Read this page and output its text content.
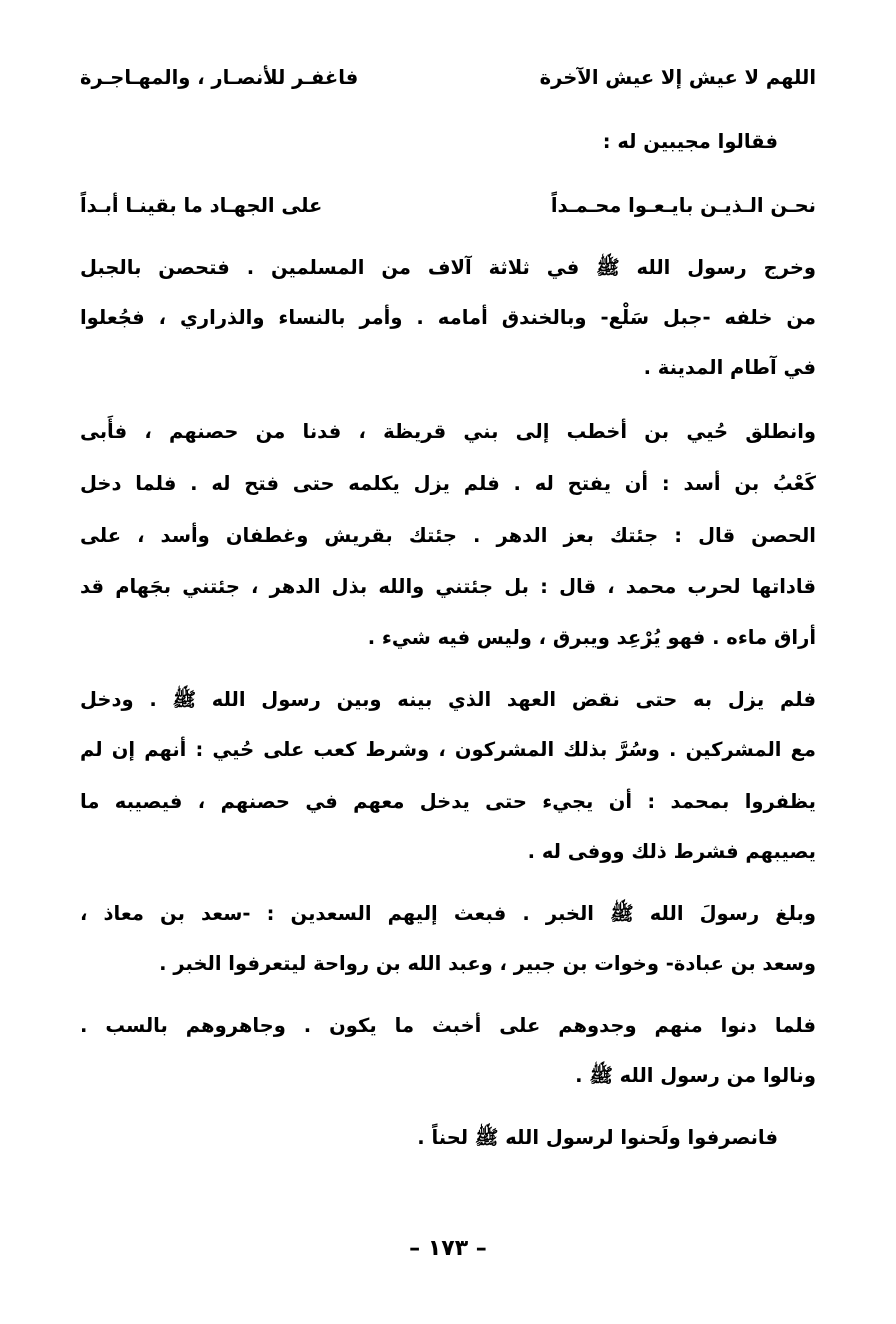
اللهم لا عيش إلا عيش الآخرة
فاغفـر للأنصـار ، والمهـاجـرة
فقالوا مجيبين له :
نحـن الـذيـن بايـعـوا محـمـداً
على الجهـاد ما بقينـا أبـداً
وخرج رسول الله ﷺ في ثلاثة آلاف من المسلمين . فتحصن بالجبل
من خلفه -جبل سَلْع- وبالخندق أمامه . وأمر بالنساء والذراري ، فجُعلوا
في آطام المدينة .
وانطلق حُيي بن أخطب إلى بني قريظة ، فدنا من حصنهم ، فأَبى
كَعْبُ بن أسد : أن يفتح له . فلم يزل يكلمه حتى فتح له . فلما دخل
الحصن قال : جئتك بعز الدهر . جئتك بقريش وغطفان وأسد ، على
قاداتها لحرب محمد ، قال : بل جئتني والله بذل الدهر ، جئتني بجَهام قد
أراق ماءه . فهو يُرْعِد ويبرق ، وليس فيه شيء .
فلم يزل به حتى نقض العهد الذي بينه وبين رسول الله ﷺ . ودخل
مع المشركين . وسُرَّ بذلك المشركون ، وشرط كعب على حُيي : أنهم إن لم
يظفروا بمحمد : أن يجيء حتى يدخل معهم في حصنهم ، فيصيبه ما
يصيبهم فشرط ذلك ووفى له .
وبلغ رسولَ الله ﷺ الخبر . فبعث إليهم السعدين : -سعد بن معاذ ،
وسعد بن عبادة- وخوات بن جبير ، وعبد الله بن رواحة ليتعرفوا الخبر .
فلما دنوا منهم وجدوهم على أخبث ما يكون . وجاهروهم بالسب .
ونالوا من رسول الله ﷺ .
فانصرفوا ولَحنوا لرسول الله ﷺ لحناً .
– ١٧٣ –
